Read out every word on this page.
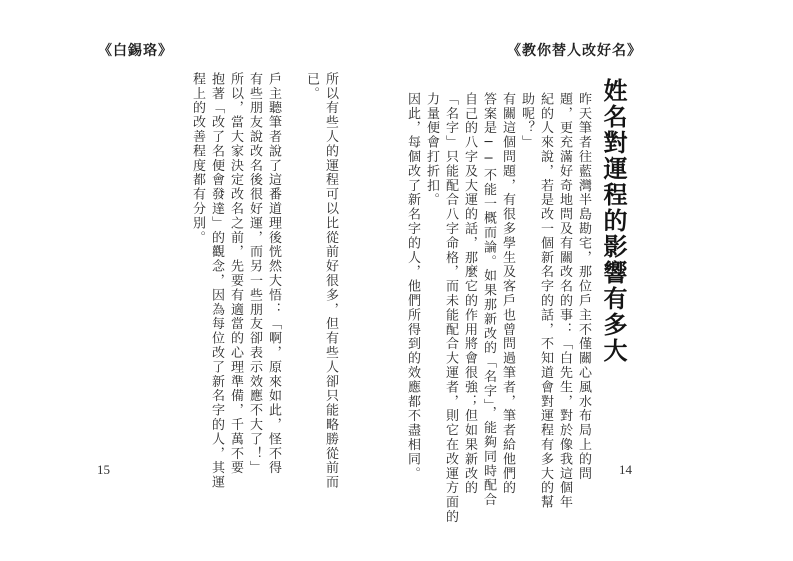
《白錫珞》
所以有些人的運程可以比從前好很多，但有些人卻只能略勝從前而
已。
戶主聽筆者說了這番道理後恍然大悟：「啊，原來如此，怪不得
有些朋友說改名後很好運，而另一些朋友卻表示效應不大了！」
所以，當大家決定改名之前，先要有適當的心理準備，千萬不要
抱著「改了名便會發達」的觀念，因為每位改了新名字的人，其運
程上的改善程度都有分別。
15
《教你替人改好名》
姓名對運程的影響有多大
昨天筆者往藍灣半島勘宅，那位戶主不僅關心風水布局上的問
題，更充滿好奇地問及有關改名的事：「白先生，對於像我這個年
紀的人來說，若是改一個新名字的話，不知道會對運程有多大的幫
助呢？」
有關這個問題，有很多學生及客戶也曾問過筆者，筆者給他們的
答案是──不能一概而論。如果那新改的「名字」，能夠同時配合
自己的八字及大運的話，那麼它的作用將會很強；但如果新改的
「名字」只能配合八字命格，而未能配合大運者，則它在改運方面的
力量便會打折扣。
因此，每個改了新名字的人，他們所得到的效應都不盡相同。	14
